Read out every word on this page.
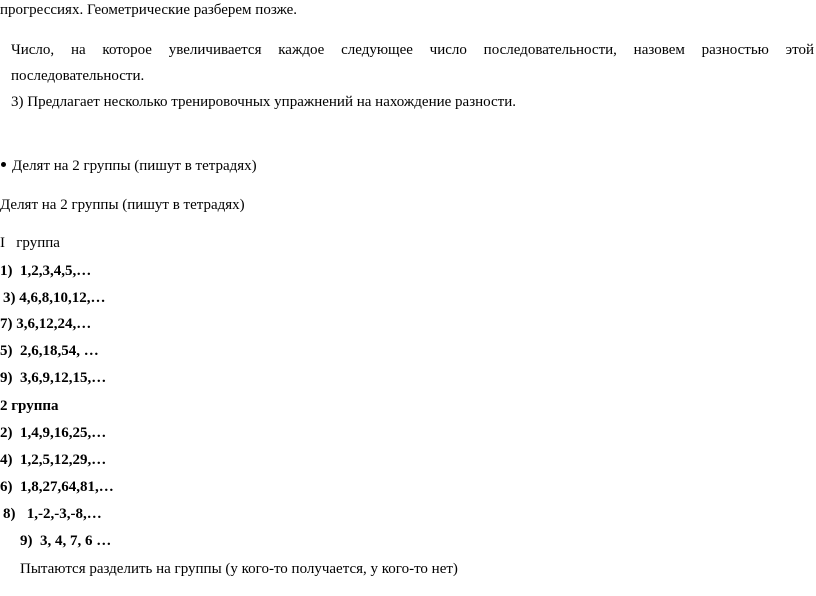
прогрессиях. Геометрические разберем позже.
Число, на которое увеличивается каждое следующее число последовательности, назовем разностью этой
последовательности.
3) Предлагает несколько тренировочных упражнений на нахождение разности.
Делят на 2 группы (пишут в тетрадях)
Делят на 2 группы (пишут в тетрадях)
I   группа
1)  1,2,3,4,5,…
3) 4,6,8,10,12,…
7) 3,6,12,24,…
5)  2,6,18,54, …
9)  3,6,9,12,15,…
2 группа
2)  1,4,9,16,25,…
4)  1,2,5,12,29,…
6)  1,8,27,64,81,…
8)   1,-2,-3,-8,…
9)  3, 4, 7, 6 …
Пытаются разделить на группы (у кого-то получается, у кого-то нет)
